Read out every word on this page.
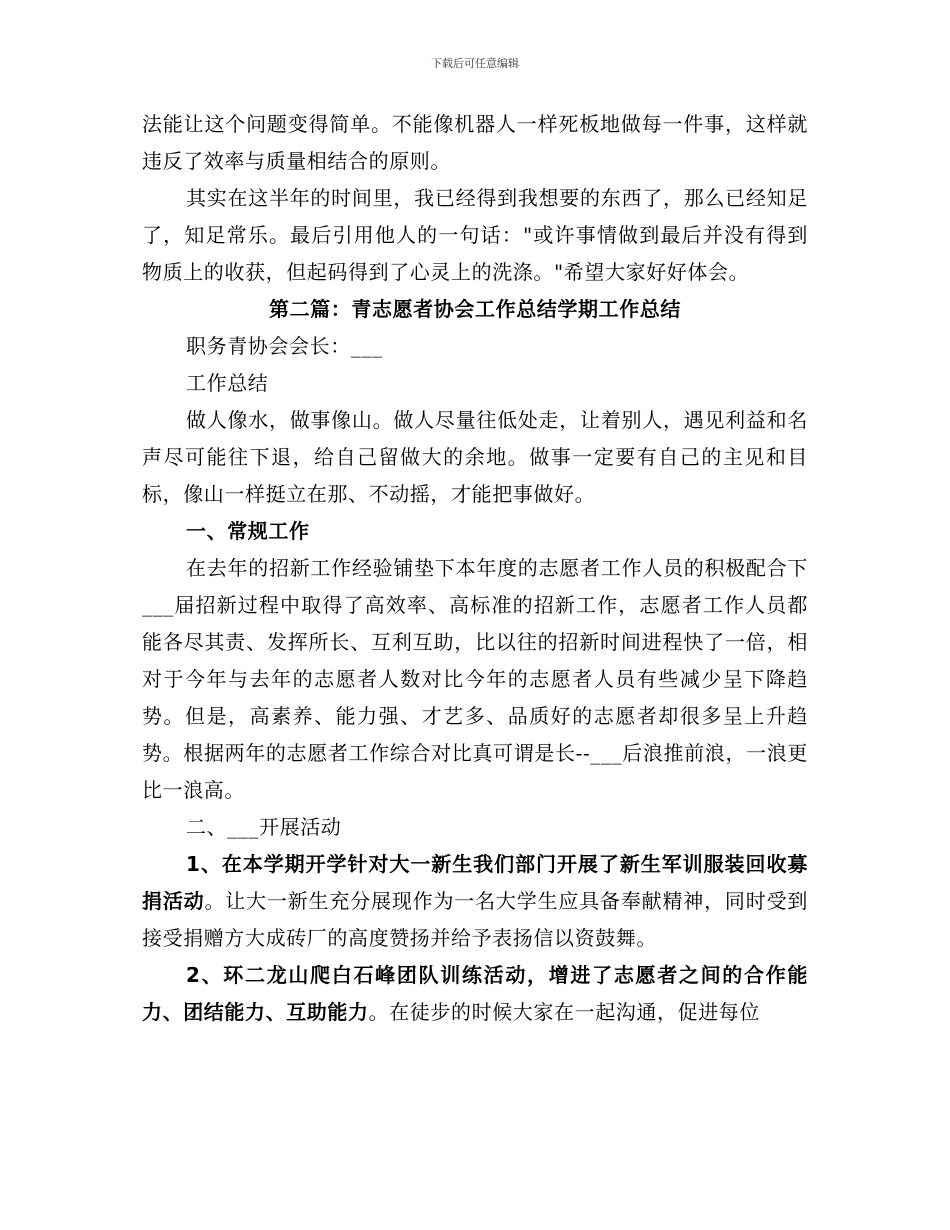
下载后可任意编辑

法能让这个问题变得简单。不能像机器人一样死板地做每一件事，这样就违反了效率与质量相结合的原则。

其实在这半年的时间里，我已经得到我想要的东西了，那么已经知足了，知足常乐。最后引用他人的一句话："或许事情做到最后并没有得到物质上的收获，但起码得到了心灵上的洗涤。"希望大家好好体会。

第二篇：青志愿者协会工作总结学期工作总结

职务青协会会长：___

工作总结

做人像水，做事像山。做人尽量往低处走，让着别人，遇见利益和名声尽可能往下退，给自己留做大的余地。做事一定要有自己的主见和目标，像山一样挺立在那、不动摇，才能把事做好。

一、常规工作

在去年的招新工作经验铺垫下本年度的志愿者工作人员的积极配合下___届招新过程中取得了高效率、高标准的招新工作，志愿者工作人员都能各尽其责、发挥所长、互利互助，比以往的招新时间进程快了一倍，相对于今年与去年的志愿者人数对比今年的志愿者人员有些减少呈下降趋势。但是，高素养、能力强、才艺多、品质好的志愿者却很多呈上升趋势。根据两年的志愿者工作综合对比真可谓是长--___后浪推前浪，一浪更比一浪高。

二、___开展活动

1、在本学期开学针对大一新生我们部门开展了新生军训服装回收募捐活动。让大一新生充分展现作为一名大学生应具备奉献精神，同时受到接受捐赠方大成砖厂的高度赞扬并给予表扬信以资鼓舞。

2、环二龙山爬白石峰团队训练活动，增进了志愿者之间的合作能力、团结能力、互助能力。在徒步的时候大家在一起沟通，促进每位
